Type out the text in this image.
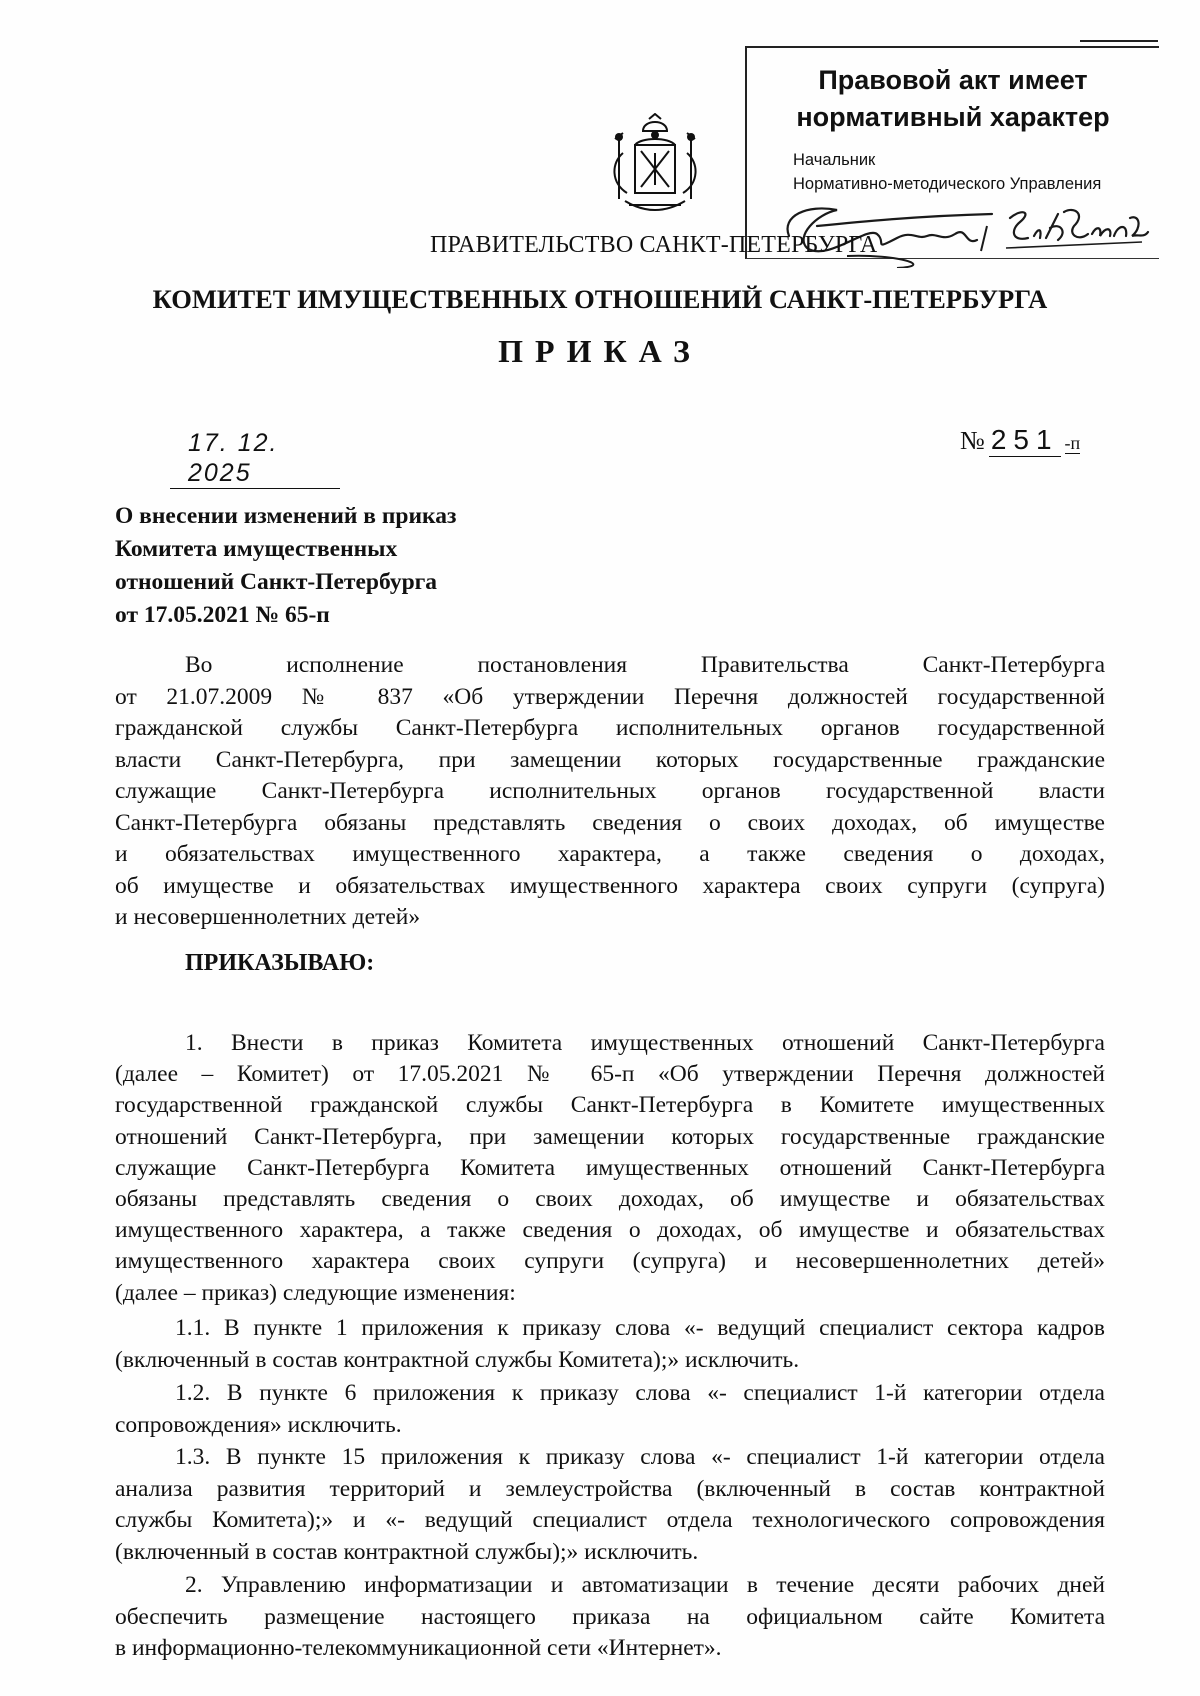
Правовой акт имеет
нормативный характер
Начальник
Нормативно-методического Управления
ПРАВИТЕЛЬСТВО САНКТ-ПЕТЕРБУРГА
КОМИТЕТ ИМУЩЕСТВЕННЫХ ОТНОШЕНИЙ САНКТ-ПЕТЕРБУРГА
ПРИКАЗ
17. 12. 2025
№ 251 -п
О внесении изменений в приказ
Комитета имущественных
отношений Санкт-Петербурга
от 17.05.2021 № 65-п
Во исполнение постановления Правительства Санкт-Петербурга
от 21.07.2009 № 837 «Об утверждении Перечня должностей государственной
гражданской службы Санкт-Петербурга исполнительных органов государственной
власти Санкт-Петербурга, при замещении которых государственные гражданские
служащие Санкт-Петербурга исполнительных органов государственной власти
Санкт-Петербурга обязаны представлять сведения о своих доходах, об имуществе
и обязательствах имущественного характера, а также сведения о доходах,
об имуществе и обязательствах имущественного характера своих супруги (супруга)
и несовершеннолетних детей»
ПРИКАЗЫВАЮ:
1. Внести в приказ Комитета имущественных отношений Санкт-Петербурга
(далее – Комитет) от 17.05.2021 № 65-п «Об утверждении Перечня должностей
государственной гражданской службы Санкт-Петербурга в Комитете имущественных
отношений Санкт-Петербурга, при замещении которых государственные гражданские
служащие Санкт-Петербурга Комитета имущественных отношений Санкт-Петербурга
обязаны представлять сведения о своих доходах, об имуществе и обязательствах
имущественного характера, а также сведения о доходах, об имуществе и обязательствах
имущественного характера своих супруги (супруга) и несовершеннолетних детей»
(далее – приказ) следующие изменения:
1.1. В пункте 1 приложения к приказу слова «- ведущий специалист сектора кадров
(включенный в состав контрактной службы Комитета);» исключить.
1.2. В пункте 6 приложения к приказу слова «- специалист 1-й категории отдела
сопровождения» исключить.
1.3. В пункте 15 приложения к приказу слова «- специалист 1-й категории отдела
анализа развития территорий и землеустройства (включенный в состав контрактной
службы Комитета);» и «- ведущий специалист отдела технологического сопровождения
(включенный в состав контрактной службы);» исключить.
2. Управлению информатизации и автоматизации в течение десяти рабочих дней
обеспечить размещение настоящего приказа на официальном сайте Комитета
в информационно-телекоммуникационной сети «Интернет».
